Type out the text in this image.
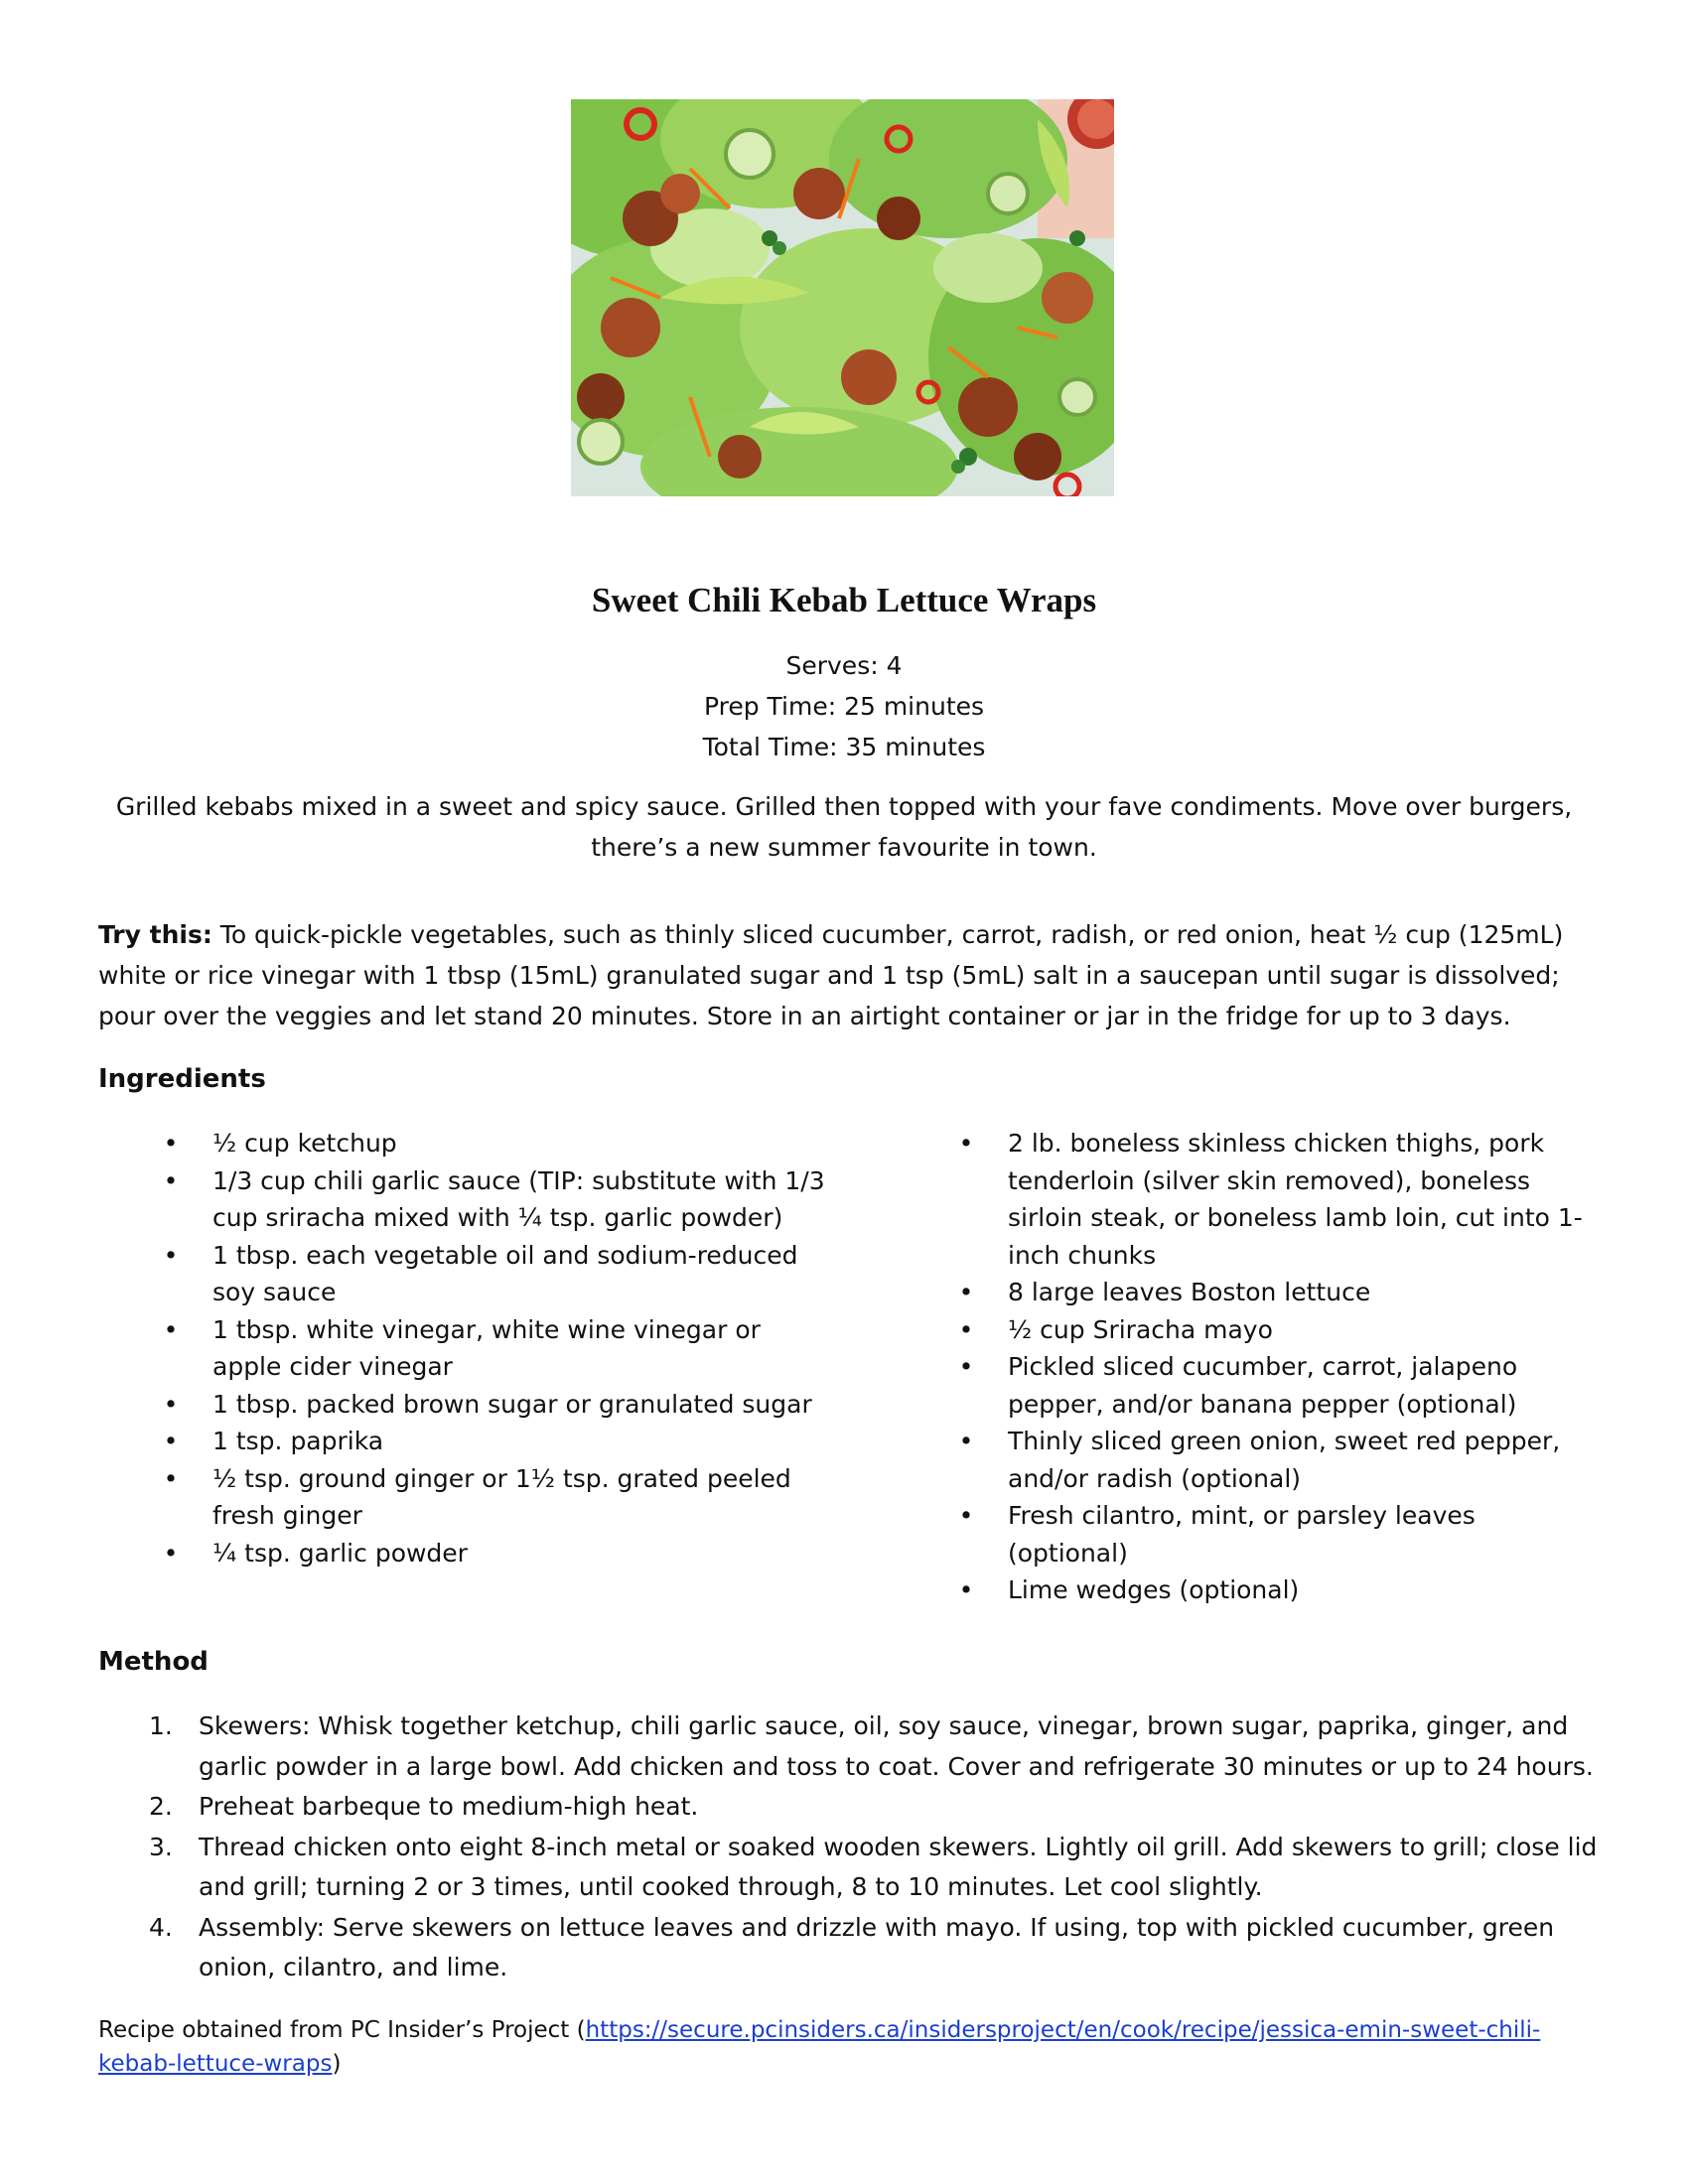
Sweet Chili Kebab Lettuce Wraps
Serves: 4
Prep Time: 25 minutes
Total Time: 35 minutes
Grilled kebabs mixed in a sweet and spicy sauce. Grilled then topped with your fave condiments. Move over burgers, there’s a new summer favourite in town.
Try this: To quick-pickle vegetables, such as thinly sliced cucumber, carrot, radish, or red onion, heat ½ cup (125mL) white or rice vinegar with 1 tbsp (15mL) granulated sugar and 1 tsp (5mL) salt in a saucepan until sugar is dissolved; pour over the veggies and let stand 20 minutes. Store in an airtight container or jar in the fridge for up to 3 days.
Ingredients
• ½ cup ketchup
• 1/3 cup chili garlic sauce (TIP: substitute with 1/3 cup sriracha mixed with ¼ tsp. garlic powder)
• 1 tbsp. each vegetable oil and sodium-reduced soy sauce
• 1 tbsp. white vinegar, white wine vinegar or apple cider vinegar
• 1 tbsp. packed brown sugar or granulated sugar
• 1 tsp. paprika
• ½ tsp. ground ginger or 1½ tsp. grated peeled fresh ginger
• ¼ tsp. garlic powder
• 2 lb. boneless skinless chicken thighs, pork tenderloin (silver skin removed), boneless sirloin steak, or boneless lamb loin, cut into 1-inch chunks
• 8 large leaves Boston lettuce
• ½ cup Sriracha mayo
• Pickled sliced cucumber, carrot, jalapeno pepper, and/or banana pepper (optional)
• Thinly sliced green onion, sweet red pepper, and/or radish (optional)
• Fresh cilantro, mint, or parsley leaves (optional)
• Lime wedges (optional)
Method
1. Skewers: Whisk together ketchup, chili garlic sauce, oil, soy sauce, vinegar, brown sugar, paprika, ginger, and garlic powder in a large bowl. Add chicken and toss to coat. Cover and refrigerate 30 minutes or up to 24 hours.
2. Preheat barbeque to medium-high heat.
3. Thread chicken onto eight 8-inch metal or soaked wooden skewers. Lightly oil grill. Add skewers to grill; close lid and grill; turning 2 or 3 times, until cooked through, 8 to 10 minutes. Let cool slightly.
4. Assembly: Serve skewers on lettuce leaves and drizzle with mayo. If using, top with pickled cucumber, green onion, cilantro, and lime.
Recipe obtained from PC Insider’s Project (https://secure.pcinsiders.ca/insidersproject/en/cook/recipe/jessica-emin-sweet-chili-kebab-lettuce-wraps)
